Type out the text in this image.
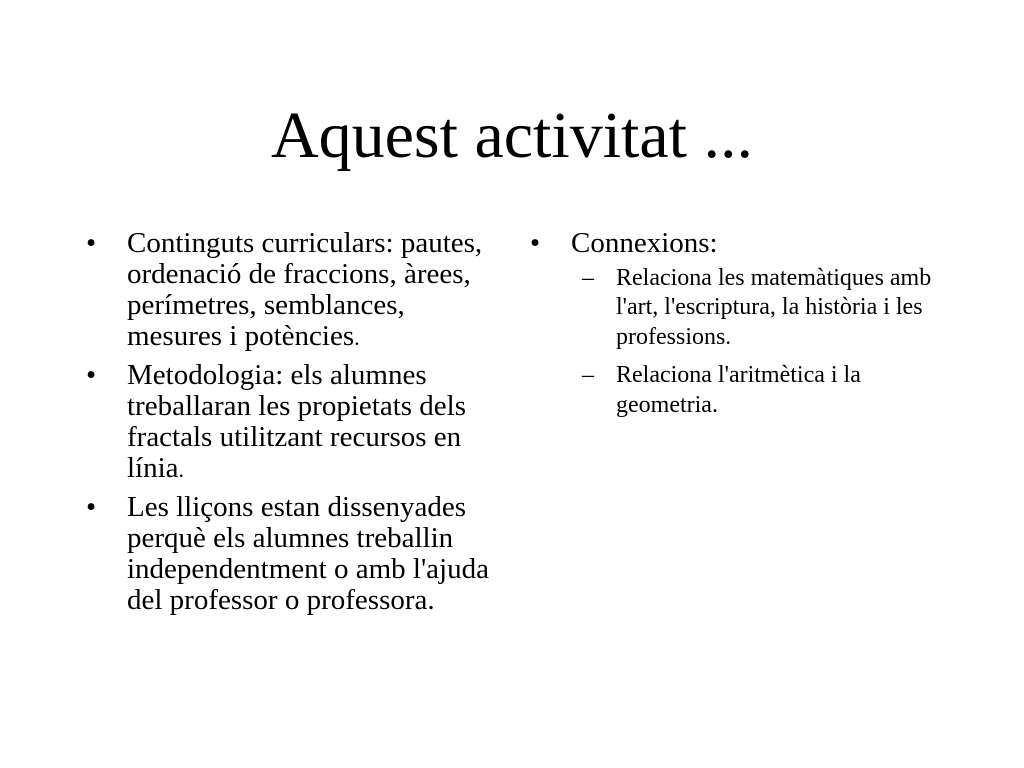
Aquest activitat ...
•	Continguts curriculars: pautes, ordenació de fraccions, àrees, perímetres, semblances, mesures i potències.
•	Metodologia: els alumnes treballaran les propietats dels fractals utilitzant recursos en línia.
•	Les lliçons estan dissenyades perquè els alumnes treballin independentment o amb l'ajuda del professor o professora.
•	Connexions:
– Relaciona les matemàtiques amb l'art, l'escriptura, la història i les professions.
– Relaciona l'aritmètica i la geometria.
